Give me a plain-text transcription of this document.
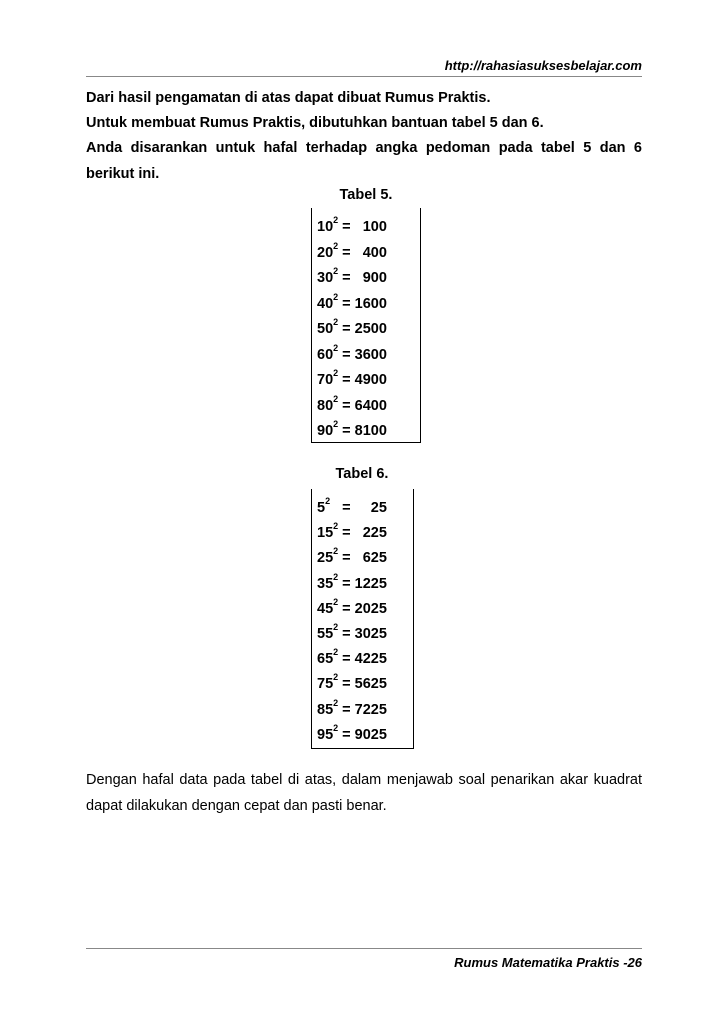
http://rahasiasuksesbelajar.com
Dari hasil pengamatan di atas dapat dibuat Rumus Praktis.
Untuk membuat Rumus Praktis, dibutuhkan bantuan tabel 5 dan 6.
Anda disarankan untuk hafal terhadap angka pedoman pada tabel 5 dan 6 berikut ini.
Tabel 5.
$10^2 = 100$
$20^2 = 400$
$30^2 = 900$
$40^2 = 1600$
$50^2 = 2500$
$60^2 = 3600$
$70^2 = 4900$
$80^2 = 6400$
$90^2 = 8100$
Tabel 6.
$5^2$   =     25
$15^2 = 225$
$25^2 = 625$
$35^2 = 1225$
$45^2 = 2025$
$55^2 = 3025$
$65^2 = 4225$
$75^2 = 5625$
$85^2 = 7225$
$95^2 = 9025$
Dengan hafal data pada tabel di atas, dalam menjawab soal penarikan akar kuadrat dapat dilakukan dengan cepat dan pasti benar.
Rumus Matematika Praktis -26
